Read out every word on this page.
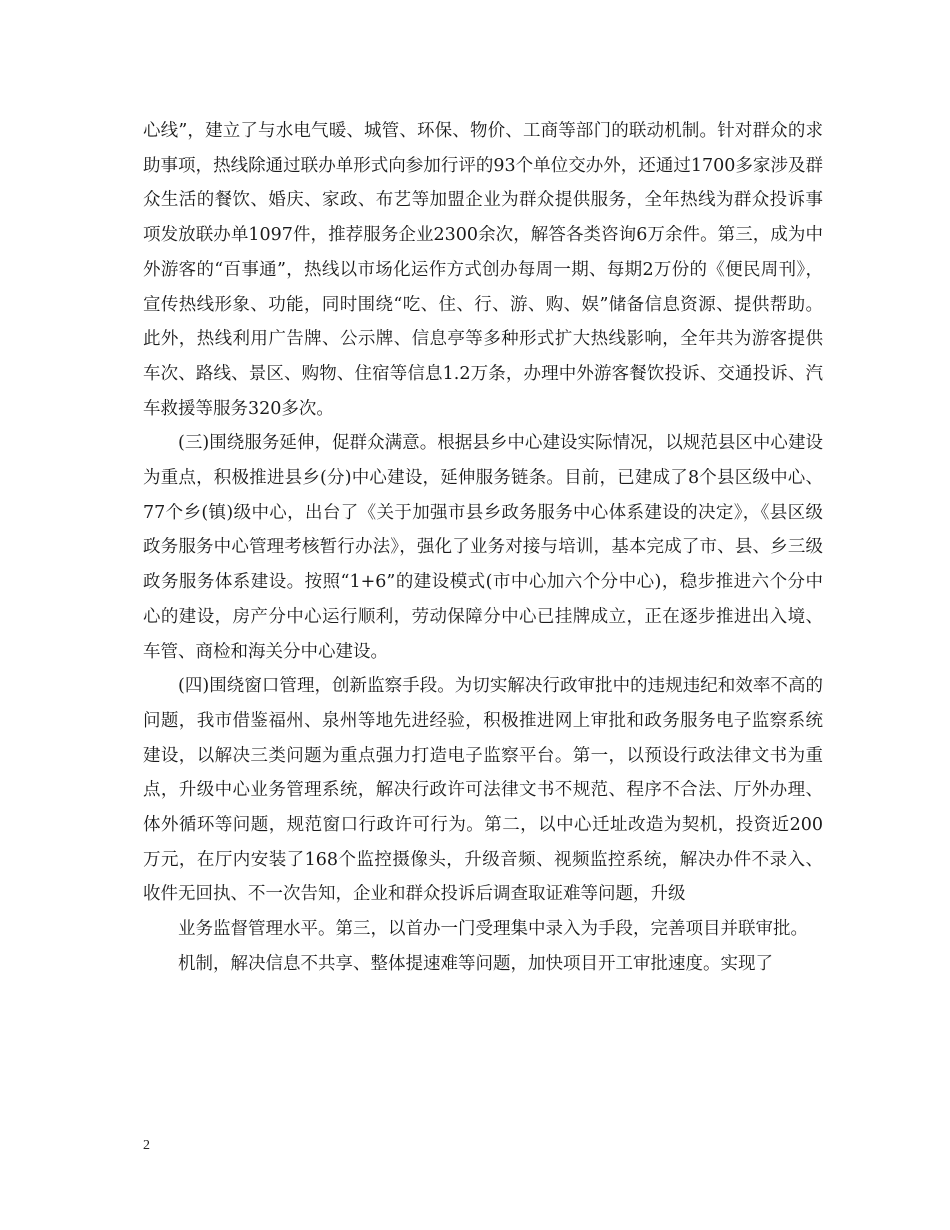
心线”，建立了与水电气暖、城管、环保、物价、工商等部门的联动机制。针对群众的求助事项，热线除通过联办单形式向参加行评的93个单位交办外，还通过1700多家涉及群众生活的餐饮、婚庆、家政、布艺等加盟企业为群众提供服务，全年热线为群众投诉事项发放联办单1097件，推荐服务企业2300余次，解答各类咨询6万余件。第三，成为中外游客的“百事通”，热线以市场化运作方式创办每周一期、每期2万份的《便民周刊》，宣传热线形象、功能，同时围绕“吃、住、行、游、购、娱”储备信息资源、提供帮助。此外，热线利用广告牌、公示牌、信息亭等多种形式扩大热线影响，全年共为游客提供车次、路线、景区、购物、住宿等信息1.2万条，办理中外游客餐饮投诉、交通投诉、汽车救援等服务320多次。

(三)围绕服务延伸，促群众满意。根据县乡中心建设实际情况，以规范县区中心建设为重点，积极推进县乡(分)中心建设，延伸服务链条。目前，已建成了8个县区级中心、77个乡(镇)级中心，出台了《关于加强市县乡政务服务中心体系建设的决定》，《县区级政务服务中心管理考核暂行办法》，强化了业务对接与培训，基本完成了市、县、乡三级政务服务体系建设。按照“1+6”的建设模式(市中心加六个分中心)，稳步推进六个分中心的建设，房产分中心运行顺利，劳动保障分中心已挂牌成立，正在逐步推进出入境、车管、商检和海关分中心建设。

(四)围绕窗口管理，创新监察手段。为切实解决行政审批中的违规违纪和效率不高的问题，我市借鉴福州、泉州等地先进经验，积极推进网上审批和政务服务电子监察系统建设，以解决三类问题为重点强力打造电子监察平台。第一，以预设行政法律文书为重点，升级中心业务管理系统，解决行政许可法律文书不规范、程序不合法、厅外办理、体外循环等问题，规范窗口行政许可行为。第二，以中心迁址改造为契机，投资近200万元，在厅内安装了168个监控摄像头，升级音频、视频监控系统，解决办件不录入、收件无回执、不一次告知，企业和群众投诉后调查取证难等问题，升级

业务监督管理水平。第三，以首办一门受理集中录入为手段，完善项目并联审批。

机制，解决信息不共享、整体提速难等问题，加快项目开工审批速度。实现了

2
